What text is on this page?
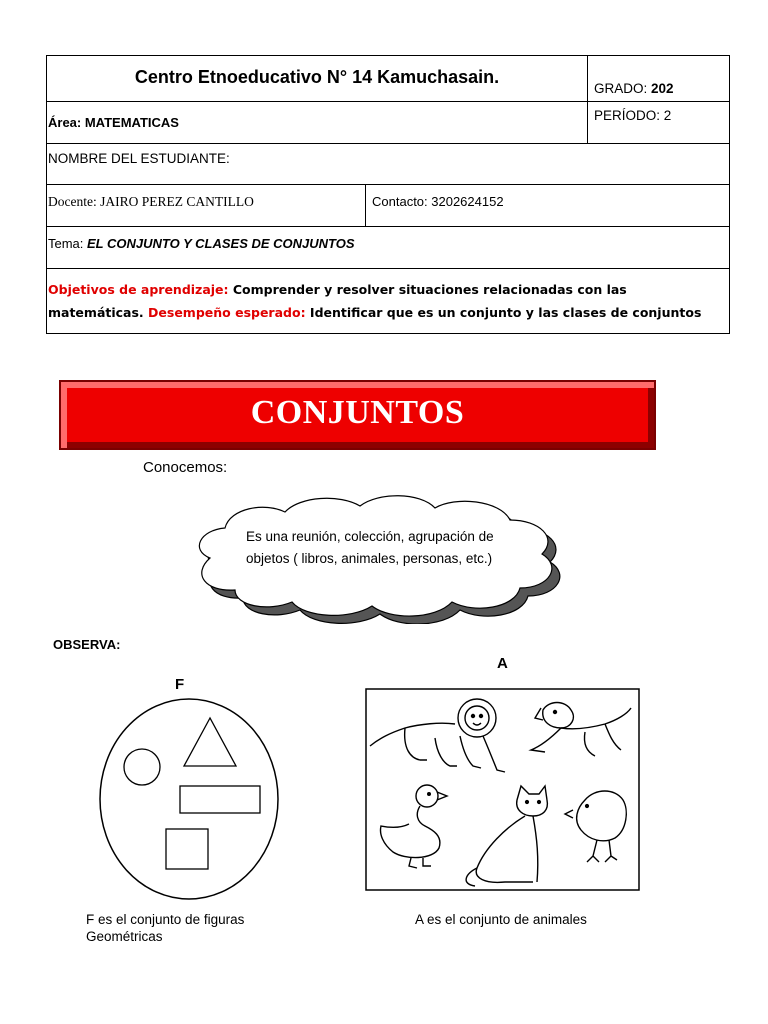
Centro Etnoeducativo N° 14 Kamuchasain.
GRADO: 202
Área: MATEMATICAS	PERÍODO: 2
NOMBRE DEL ESTUDIANTE:
Docente: JAIRO PEREZ CANTILLO	Contacto: 3202624152
Tema: EL CONJUNTO Y CLASES DE CONJUNTOS
Objetivos de aprendizaje: Comprender y resolver situaciones relacionadas con las
matemáticas. Desempeño esperado: Identificar que es un conjunto y las clases de conjuntos
CONJUNTOS
Conocemos:
Es una reunión, colección, agrupación de
objetos ( libros, animales, personas, etc.)
OBSERVA:
F
F es el conjunto de figuras
Geométricas
A
A es el conjunto de animales
